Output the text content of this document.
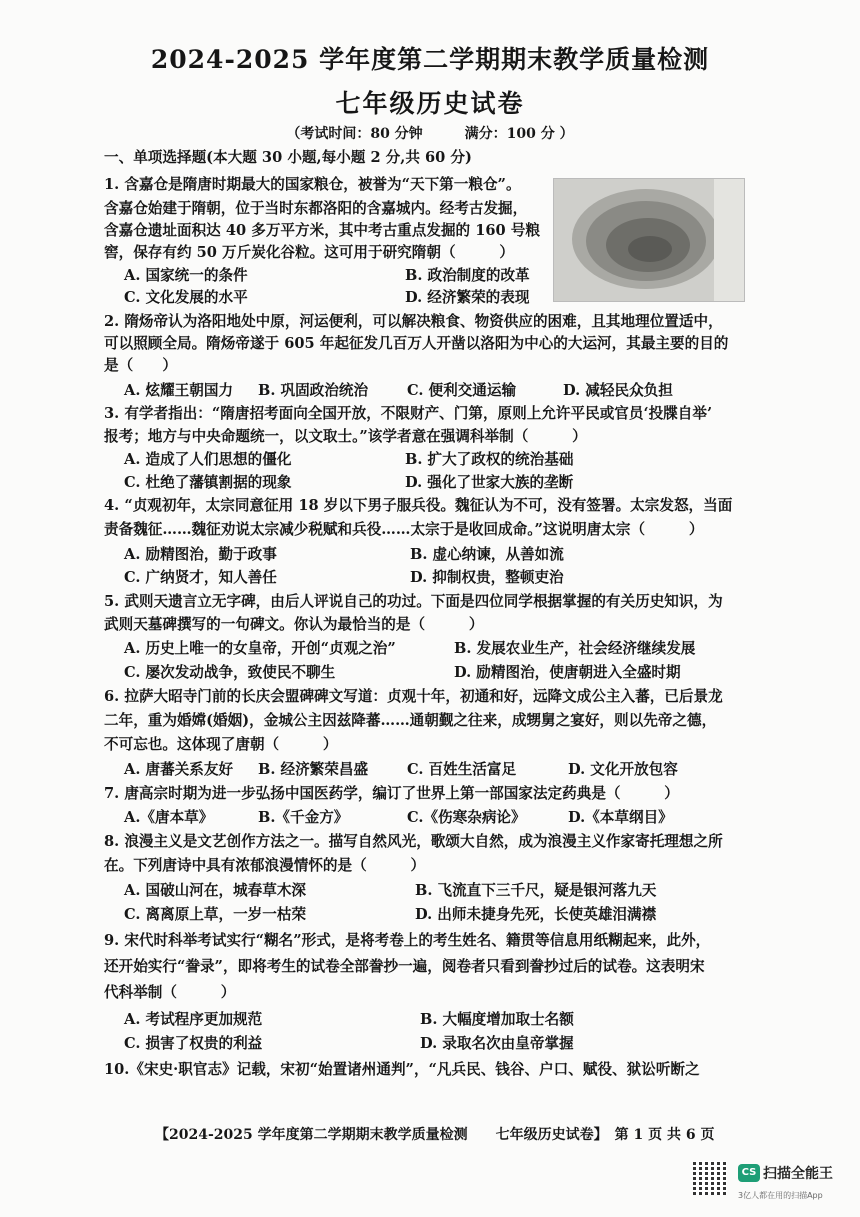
2024-2025 学年度第二学期期末教学质量检测
七年级历史试卷
（考试时间：80 分钟　　　满分：100 分 ）
一、单项选择题(本大题 30 小题,每小题 2 分,共 60 分)
1. 含嘉仓是隋唐时期最大的国家粮仓，被誉为“天下第一粮仓”。
含嘉仓始建于隋朝，位于当时东都洛阳的含嘉城内。经考古发掘，
含嘉仓遗址面积达 40 多万平方米，其中考古重点发掘的 160 号粮
窖，保存有约 50 万斤炭化谷粒。这可用于研究隋朝（　　　）
A. 国家统一的条件	B. 政治制度的改革
C. 文化发展的水平	D. 经济繁荣的表现
2. 隋炀帝认为洛阳地处中原，河运便利，可以解决粮食、物资供应的困难，且其地理位置适中，
可以照顾全局。隋炀帝遂于 605 年起征发几百万人开凿以洛阳为中心的大运河，其最主要的目的
是（　　）
A. 炫耀王朝国力 B. 巩固政治统治	C. 便利交通运输	D. 减轻民众负担
3. 有学者指出：“隋唐招考面向全国开放，不限财产、门第，原则上允许平民或官员‘投牒自举’
报考；地方与中央命题统一，以文取士。”该学者意在强调科举制（　　　）
A. 造成了人们思想的僵化	B. 扩大了政权的统治基础
C. 杜绝了藩镇割据的现象	D. 强化了世家大族的垄断
4. “贞观初年，太宗同意征用 18 岁以下男子服兵役。魏征认为不可，没有签署。太宗发怒，当面
责备魏征……魏征劝说太宗减少税赋和兵役……太宗于是收回成命。”这说明唐太宗（　　　）
A. 励精图治，勤于政事	B. 虚心纳谏，从善如流
C. 广纳贤才，知人善任	D. 抑制权贵，整顿吏治
5. 武则天遗言立无字碑，由后人评说自己的功过。下面是四位同学根据掌握的有关历史知识，为
武则天墓碑撰写的一句碑文。你认为最恰当的是（　　　）
A. 历史上唯一的女皇帝，开创“贞观之治”	B. 发展农业生产，社会经济继续发展
C. 屡次发动战争，致使民不聊生	D. 励精图治，使唐朝进入全盛时期
6. 拉萨大昭寺门前的长庆会盟碑碑文写道：贞观十年，初通和好，远降文成公主入蕃，已后景龙
二年，重为婚嫦(婚姻)，金城公主因兹降蕃……通朝觐之往来，成甥舅之宴好，则以先帝之德，
不可忘也。这体现了唐朝（　　　）
A. 唐蕃关系友好 B. 经济繁荣昌盛	C. 百姓生活富足	D. 文化开放包容
7. 唐高宗时期为进一步弘扬中国医药学，编订了世界上第一部国家法定药典是（　　　）
A.《唐本草》	B.《千金方》	C.《伤寒杂病论》	D.《本草纲目》
8. 浪漫主义是文艺创作方法之一。描写自然风光，歌颂大自然，成为浪漫主义作家寄托理想之所
在。下列唐诗中具有浓郁浪漫情怀的是（　　　）
A. 国破山河在，城春草木深	B. 飞流直下三千尺，疑是银河落九天
C. 离离原上草，一岁一枯荣	D. 出师未捷身先死，长使英雄泪满襟
9. 宋代时科举考试实行“糊名”形式，是将考卷上的考生姓名、籍贯等信息用纸糊起来，此外，
还开始实行“誊录”，即将考生的试卷全部誊抄一遍，阅卷者只看到誊抄过后的试卷。这表明宋
代科举制（　　　）
A. 考试程序更加规范	B. 大幅度增加取士名额
C. 损害了权贵的利益	D. 录取名次由皇帝掌握
10.《宋史·职官志》记载，宋初“始置诸州通判”，“凡兵民、钱谷、户口、赋役、狱讼听断之
【2024-2025 学年度第二学期期末教学质量检测　　七年级历史试卷】　第 1 页 共 6 页
CS 扫描全能王
3亿人都在用的扫描App
